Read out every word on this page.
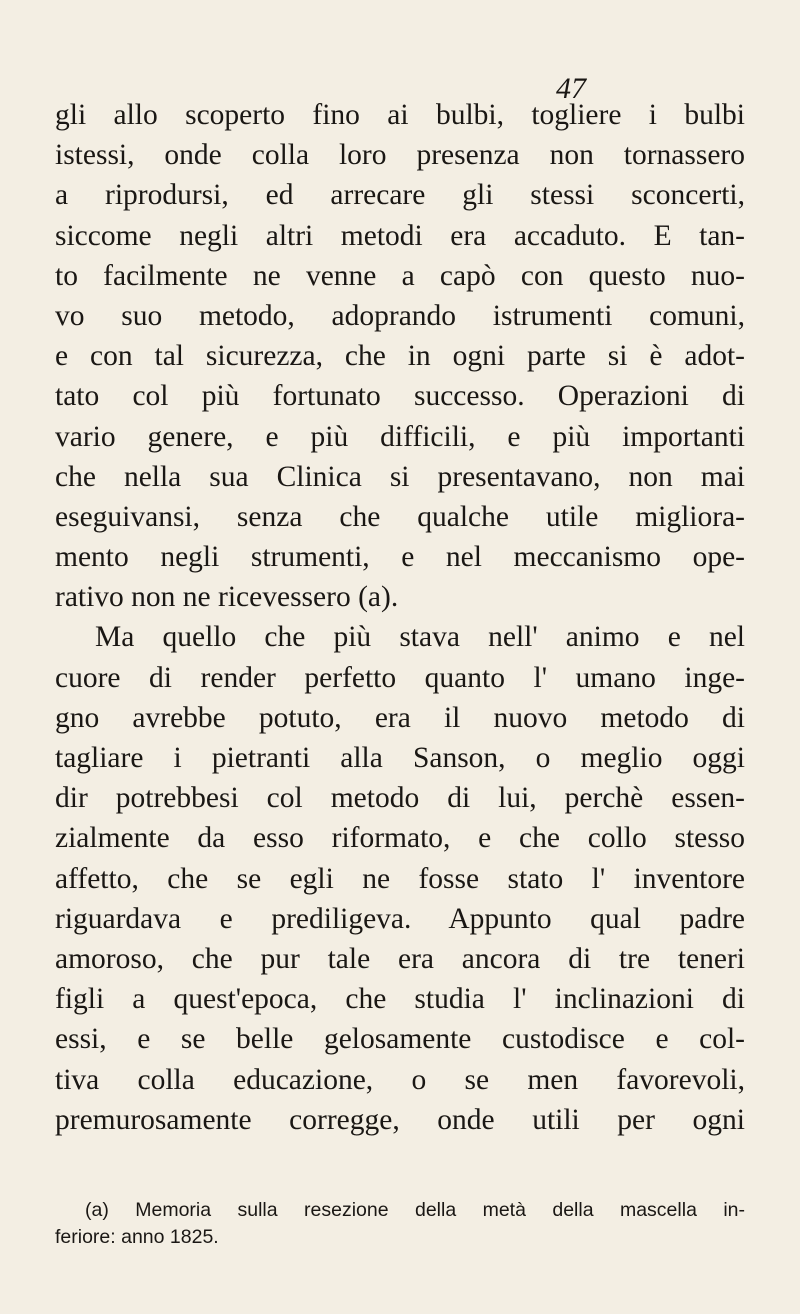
47
gli allo scoperto fino ai bulbi, togliere i bulbi
istessi, onde colla loro presenza non tornassero
a riprodursi, ed arrecare gli stessi sconcerti,
siccome negli altri metodi era accaduto. E tan-
to facilmente ne venne a capò con questo nuo-
vo suo metodo, adoprando istrumenti comuni,
e con tal sicurezza, che in ogni parte si è adot-
tato col più fortunato successo. Operazioni di
vario genere, e più difficili, e più importanti
che nella sua Clinica si presentavano, non mai
eseguivansi, senza che qualche utile migliora-
mento negli strumenti, e nel meccanismo ope-
rativo non ne ricevessero (a).
Ma quello che più stava nell' animo e nel
cuore di render perfetto quanto l' umano inge-
gno avrebbe potuto, era il nuovo metodo di
tagliare i pietranti alla Sanson, o meglio oggi
dir potrebbesi col metodo di lui, perchè essen-
zialmente da esso riformato, e che collo stesso
affetto, che se egli ne fosse stato l' inventore
riguardava e prediligeva. Appunto qual padre
amoroso, che pur tale era ancora di tre teneri
figli a quest'epoca, che studia l' inclinazioni di
essi, e se belle gelosamente custodisce e col-
tiva colla educazione, o se men favorevoli,
premurosamente corregge, onde utili per ogni
(a) Memoria sulla resezione della metà della mascella in-
feriore: anno 1825.
